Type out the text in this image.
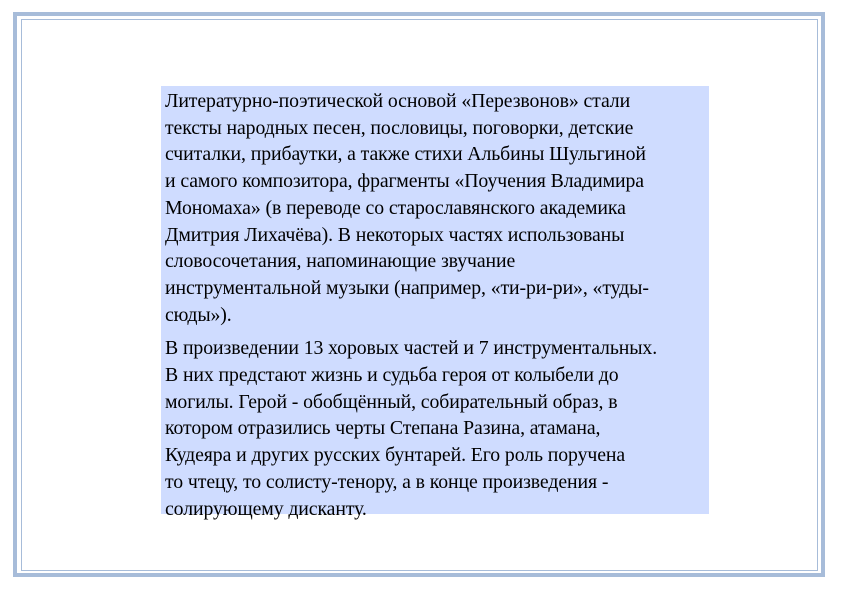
Литературно-поэтической основой «Перезвонов» стали
тексты народных песен, пословицы, поговорки, детские
считалки, прибаутки, а также стихи Альбины Шульгиной
и самого композитора, фрагменты «Поучения Владимира
Мономаха» (в переводе со старославянского академика
Дмитрия Лихачёва). В некоторых частях использованы
словосочетания, напоминающие звучание
инструментальной музыки (например, «ти-ри-ри», «туды-
сюды»).

В произведении 13 хоровых частей и 7 инструментальных.
В них предстают жизнь и судьба героя от колыбели до
могилы. Герой - обобщённый, собирательный образ, в
котором отразились черты Степана Разина, атамана,
Кудеяра и других русских бунтарей. Его роль поручена
то чтецу, то солисту-тенору, а в конце произведения -
солирующему дисканту.
